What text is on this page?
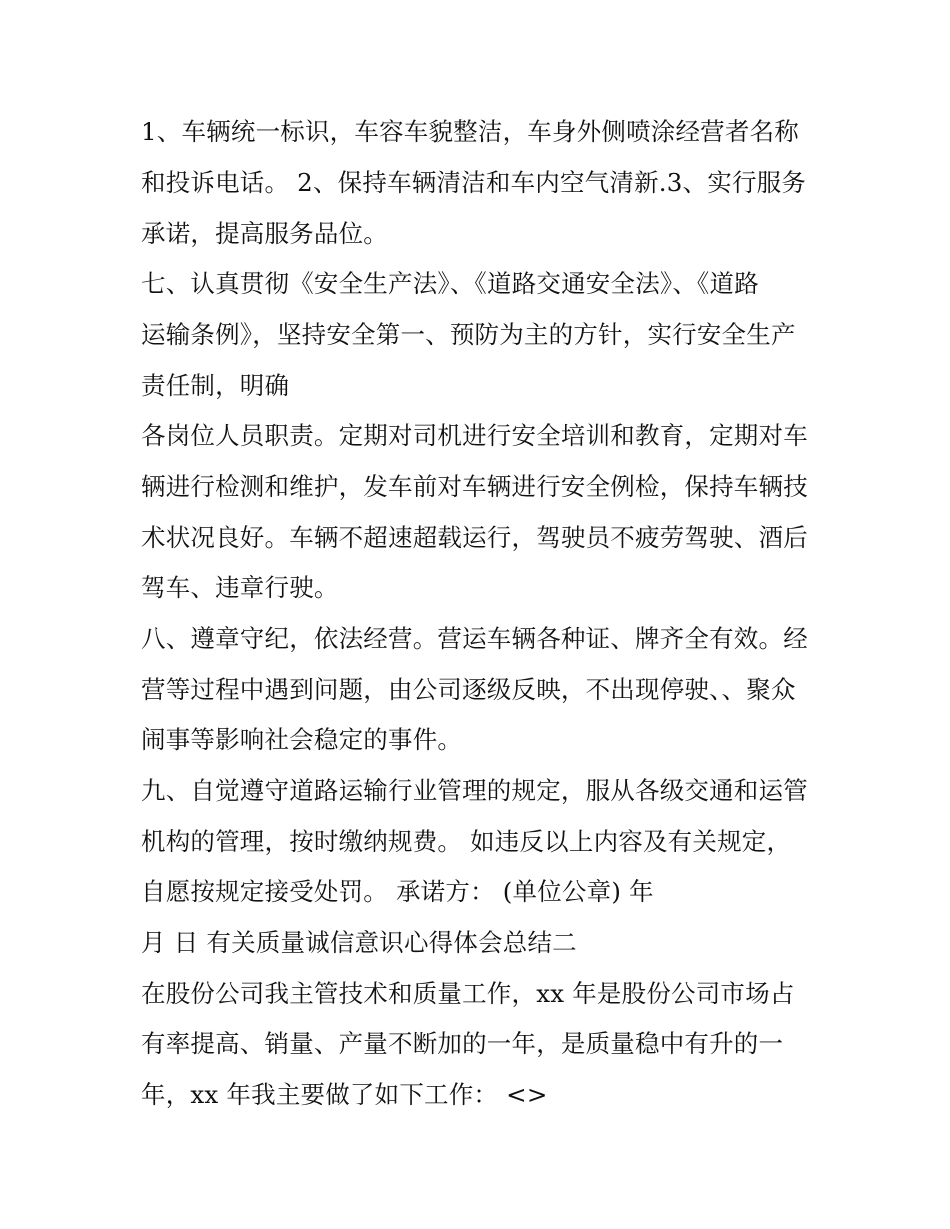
1、车辆统一标识，车容车貌整洁，车身外侧喷涂经营者名称
和投诉电话。 2、保持车辆清洁和车内空气清新.3、实行服务
承诺，提高服务品位。
七、认真贯彻《安全生产法》、《道路交通安全法》、《道路
运输条例》，坚持安全第一、预防为主的方针，实行安全生产
责任制，明确
各岗位人员职责。定期对司机进行安全培训和教育，定期对车
辆进行检测和维护，发车前对车辆进行安全例检，保持车辆技
术状况良好。车辆不超速超载运行，驾驶员不疲劳驾驶、酒后
驾车、违章行驶。
八、遵章守纪，依法经营。营运车辆各种证、牌齐全有效。经
营等过程中遇到问题，由公司逐级反映，不出现停驶、、聚众
闹事等影响社会稳定的事件。
九、自觉遵守道路运输行业管理的规定，服从各级交通和运管
机构的管理，按时缴纳规费。 如违反以上内容及有关规定，
自愿按规定接受处罚。 承诺方： (单位公章) 年
月 日 有关质量诚信意识心得体会总结二
在股份公司我主管技术和质量工作，xx 年是股份公司市场占
有率提高、销量、产量不断加的一年，是质量稳中有升的一
年，xx 年我主要做了如下工作： <>
